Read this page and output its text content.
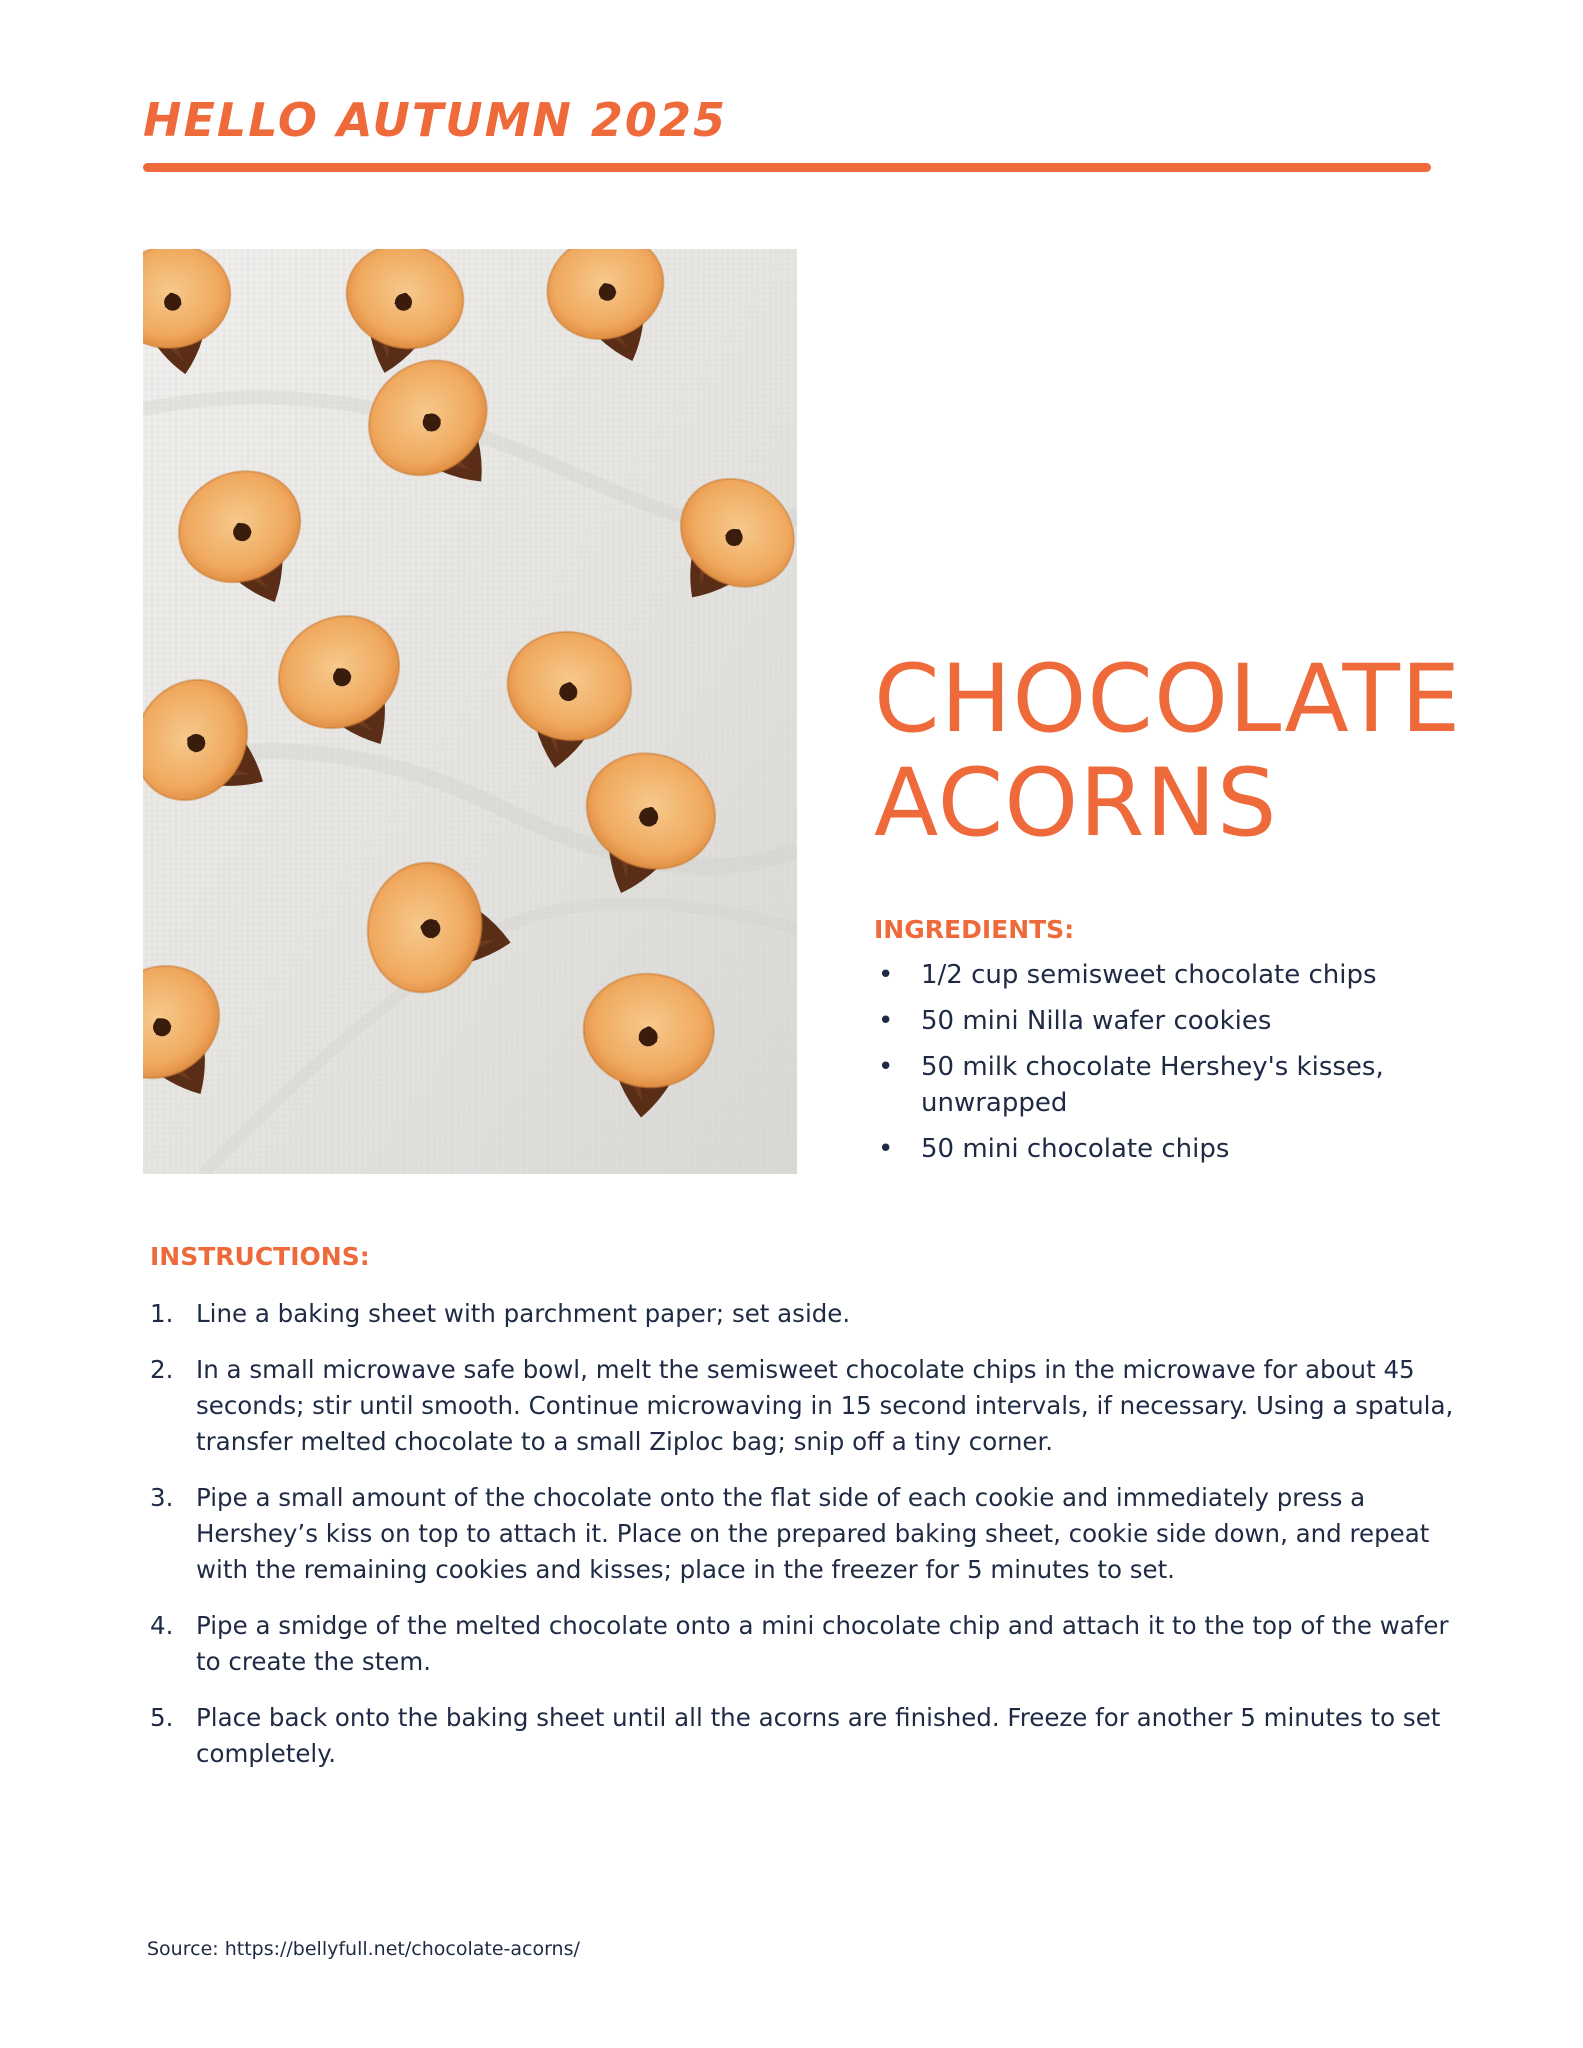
HELLO AUTUMN 2025
CHOCOLATE
ACORNS
INGREDIENTS:
• 1/2 cup semisweet chocolate chips
• 50 mini Nilla wafer cookies
• 50 milk chocolate Hershey's kisses, unwrapped
• 50 mini chocolate chips
INSTRUCTIONS:
1. Line a baking sheet with parchment paper; set aside.
2. In a small microwave safe bowl, melt the semisweet chocolate chips in the microwave for about 45 seconds; stir until smooth. Continue microwaving in 15 second intervals, if necessary. Using a spatula, transfer melted chocolate to a small Ziploc bag; snip off a tiny corner.
3. Pipe a small amount of the chocolate onto the flat side of each cookie and immediately press a Hershey’s kiss on top to attach it. Place on the prepared baking sheet, cookie side down, and repeat with the remaining cookies and kisses; place in the freezer for 5 minutes to set.
4. Pipe a smidge of the melted chocolate onto a mini chocolate chip and attach it to the top of the wafer to create the stem.
5. Place back onto the baking sheet until all the acorns are finished. Freeze for another 5 minutes to set completely.
Source: https://bellyfull.net/chocolate-acorns/
